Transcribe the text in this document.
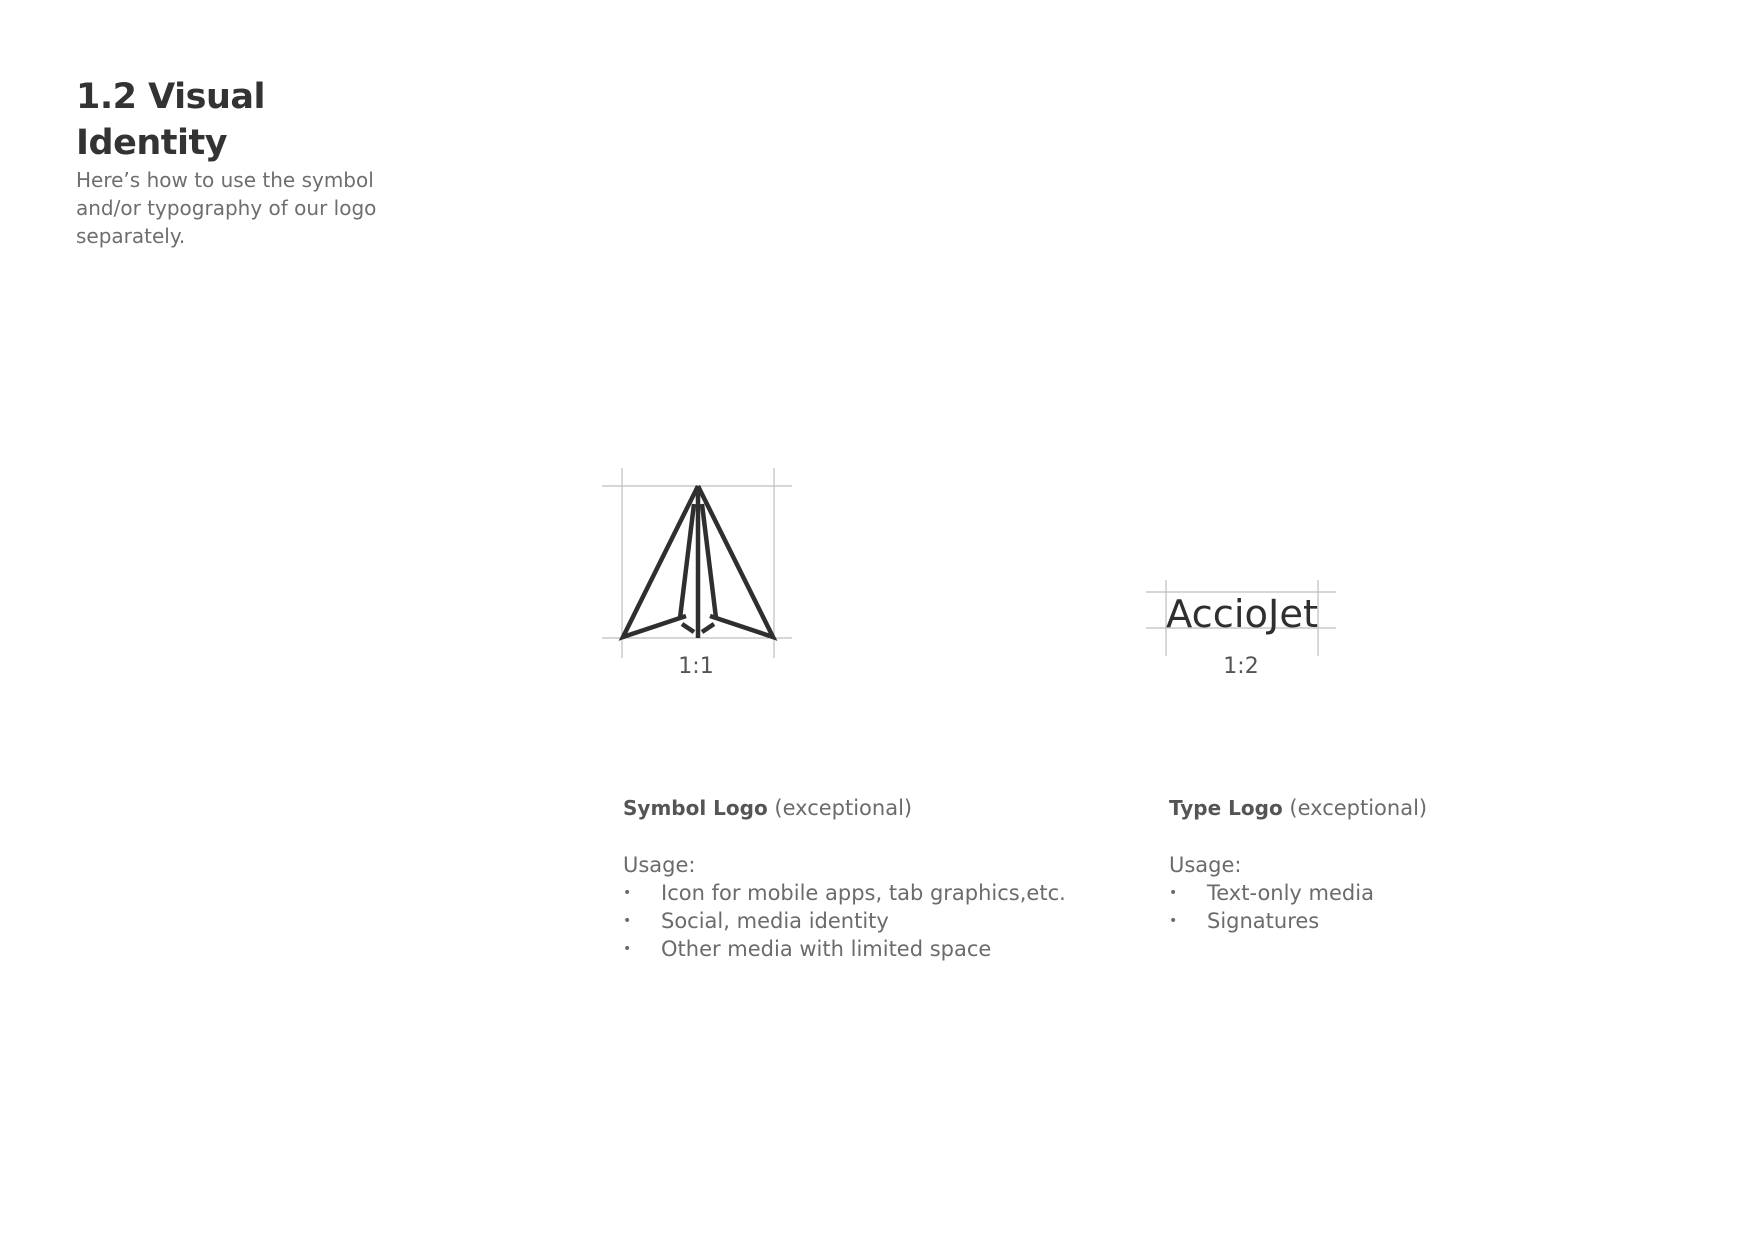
1.2 Visual Identity

Here’s how to use the symbol and/or typography of our logo separately.

1:1
AccioJet
1:2

Symbol Logo (exceptional)

Usage:

• Icon for mobile apps, tab graphics,etc.
• Social, media identity
• Other media with limited space

Type Logo (exceptional)

Usage:

• Text-only media
• Signatures
